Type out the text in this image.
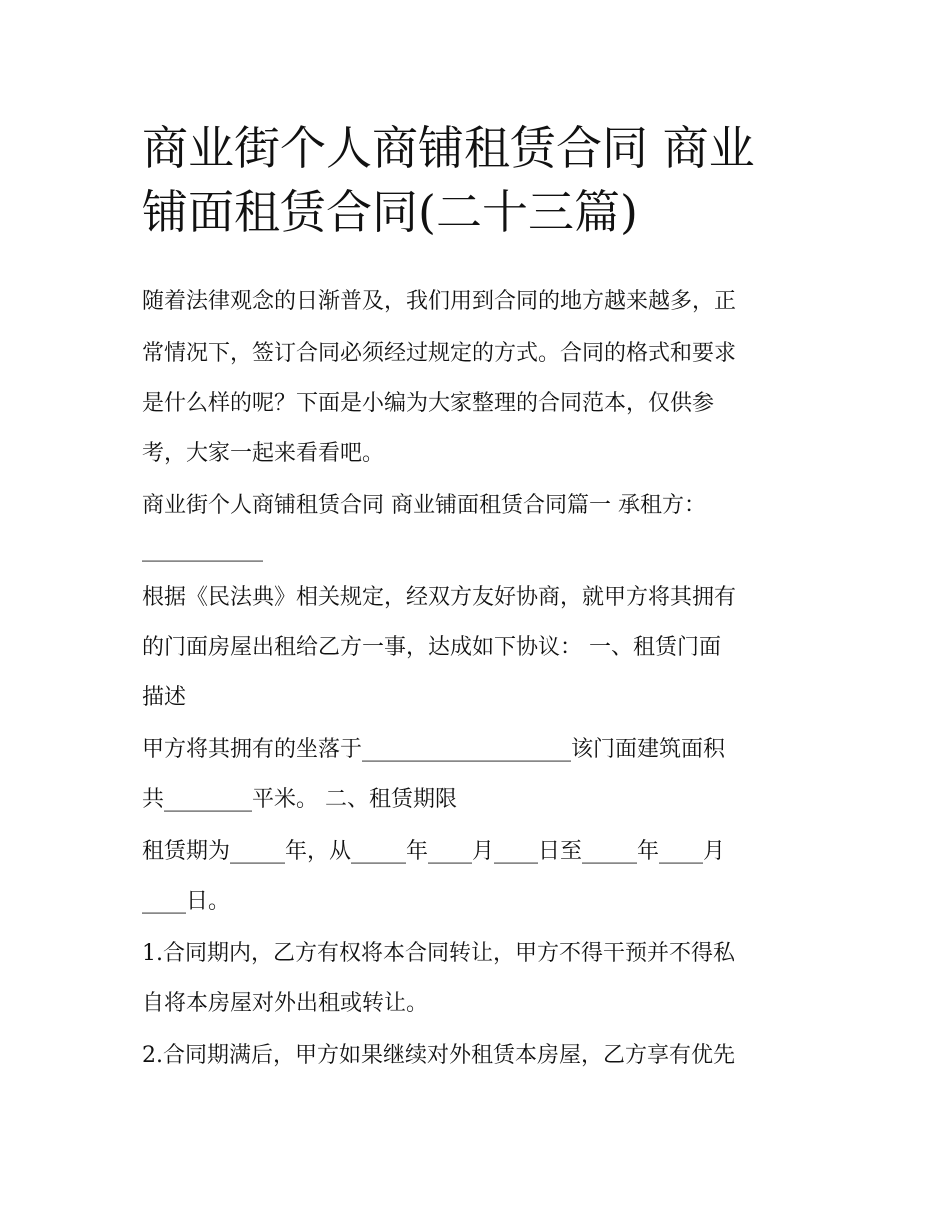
商业街个人商铺租赁合同 商业
铺面租赁合同(二十三篇)
随着法律观念的日渐普及，我们用到合同的地方越来越多，正
常情况下，签订合同必须经过规定的方式。合同的格式和要求
是什么样的呢？下面是小编为大家整理的合同范本，仅供参
考，大家一起来看看吧。
商业街个人商铺租赁合同 商业铺面租赁合同篇一 承租方：
___________
根据《民法典》相关规定，经双方友好协商，就甲方将其拥有
的门面房屋出租给乙方一事，达成如下协议： 一、租赁门面
描述
甲方将其拥有的坐落于___________________该门面建筑面积
共________平米。 二、租赁期限
租赁期为_____年，从_____年____月____日至_____年____月
____日。
1.合同期内，乙方有权将本合同转让，甲方不得干预并不得私
自将本房屋对外出租或转让。
2.合同期满后，甲方如果继续对外租赁本房屋，乙方享有优先
